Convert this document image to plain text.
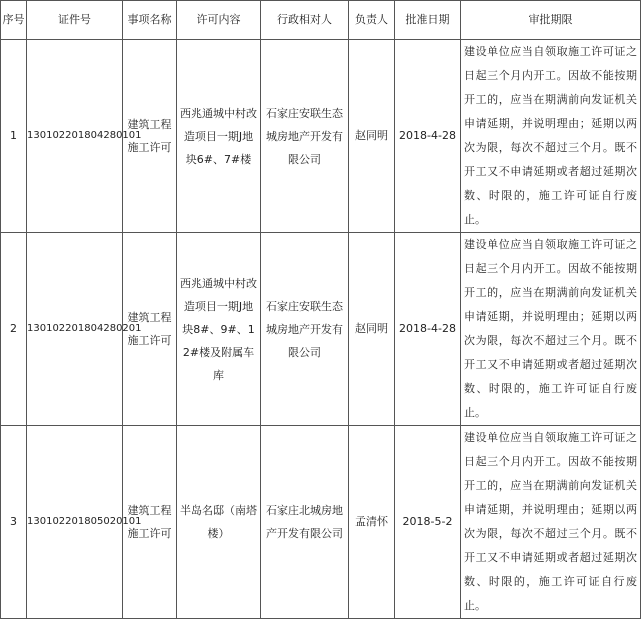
序号	证件号	事项名称	许可内容	行政相对人	负责人	批准日期	审批期限
1	130102201804280101	建筑工程施工许可	西兆通城中村改造项目一期J地块6#、7#楼	石家庄安联生态城房地产开发有限公司	赵同明	2018-4-28	建设单位应当自领取施工许可证之日起三个月内开工。因故不能按期开工的，应当在期满前向发证机关申请延期，并说明理由；延期以两次为限，每次不超过三个月。既不开工又不申请延期或者超过延期次数、时限的，施工许可证自行废止。
2	130102201804280201	建筑工程施工许可	西兆通城中村改造项目一期J地块8#、9#、12#楼及附属车库	石家庄安联生态城房地产开发有限公司	赵同明	2018-4-28	建设单位应当自领取施工许可证之日起三个月内开工。因故不能按期开工的，应当在期满前向发证机关申请延期，并说明理由；延期以两次为限，每次不超过三个月。既不开工又不申请延期或者超过延期次数、时限的，施工许可证自行废止。
3	130102201805020101	建筑工程施工许可	半岛名邸（南塔楼）	石家庄北城房地产开发有限公司	孟清怀	2018-5-2	建设单位应当自领取施工许可证之日起三个月内开工。因故不能按期开工的，应当在期满前向发证机关申请延期，并说明理由；延期以两次为限，每次不超过三个月。既不开工又不申请延期或者超过延期次数、时限的，施工许可证自行废止。
